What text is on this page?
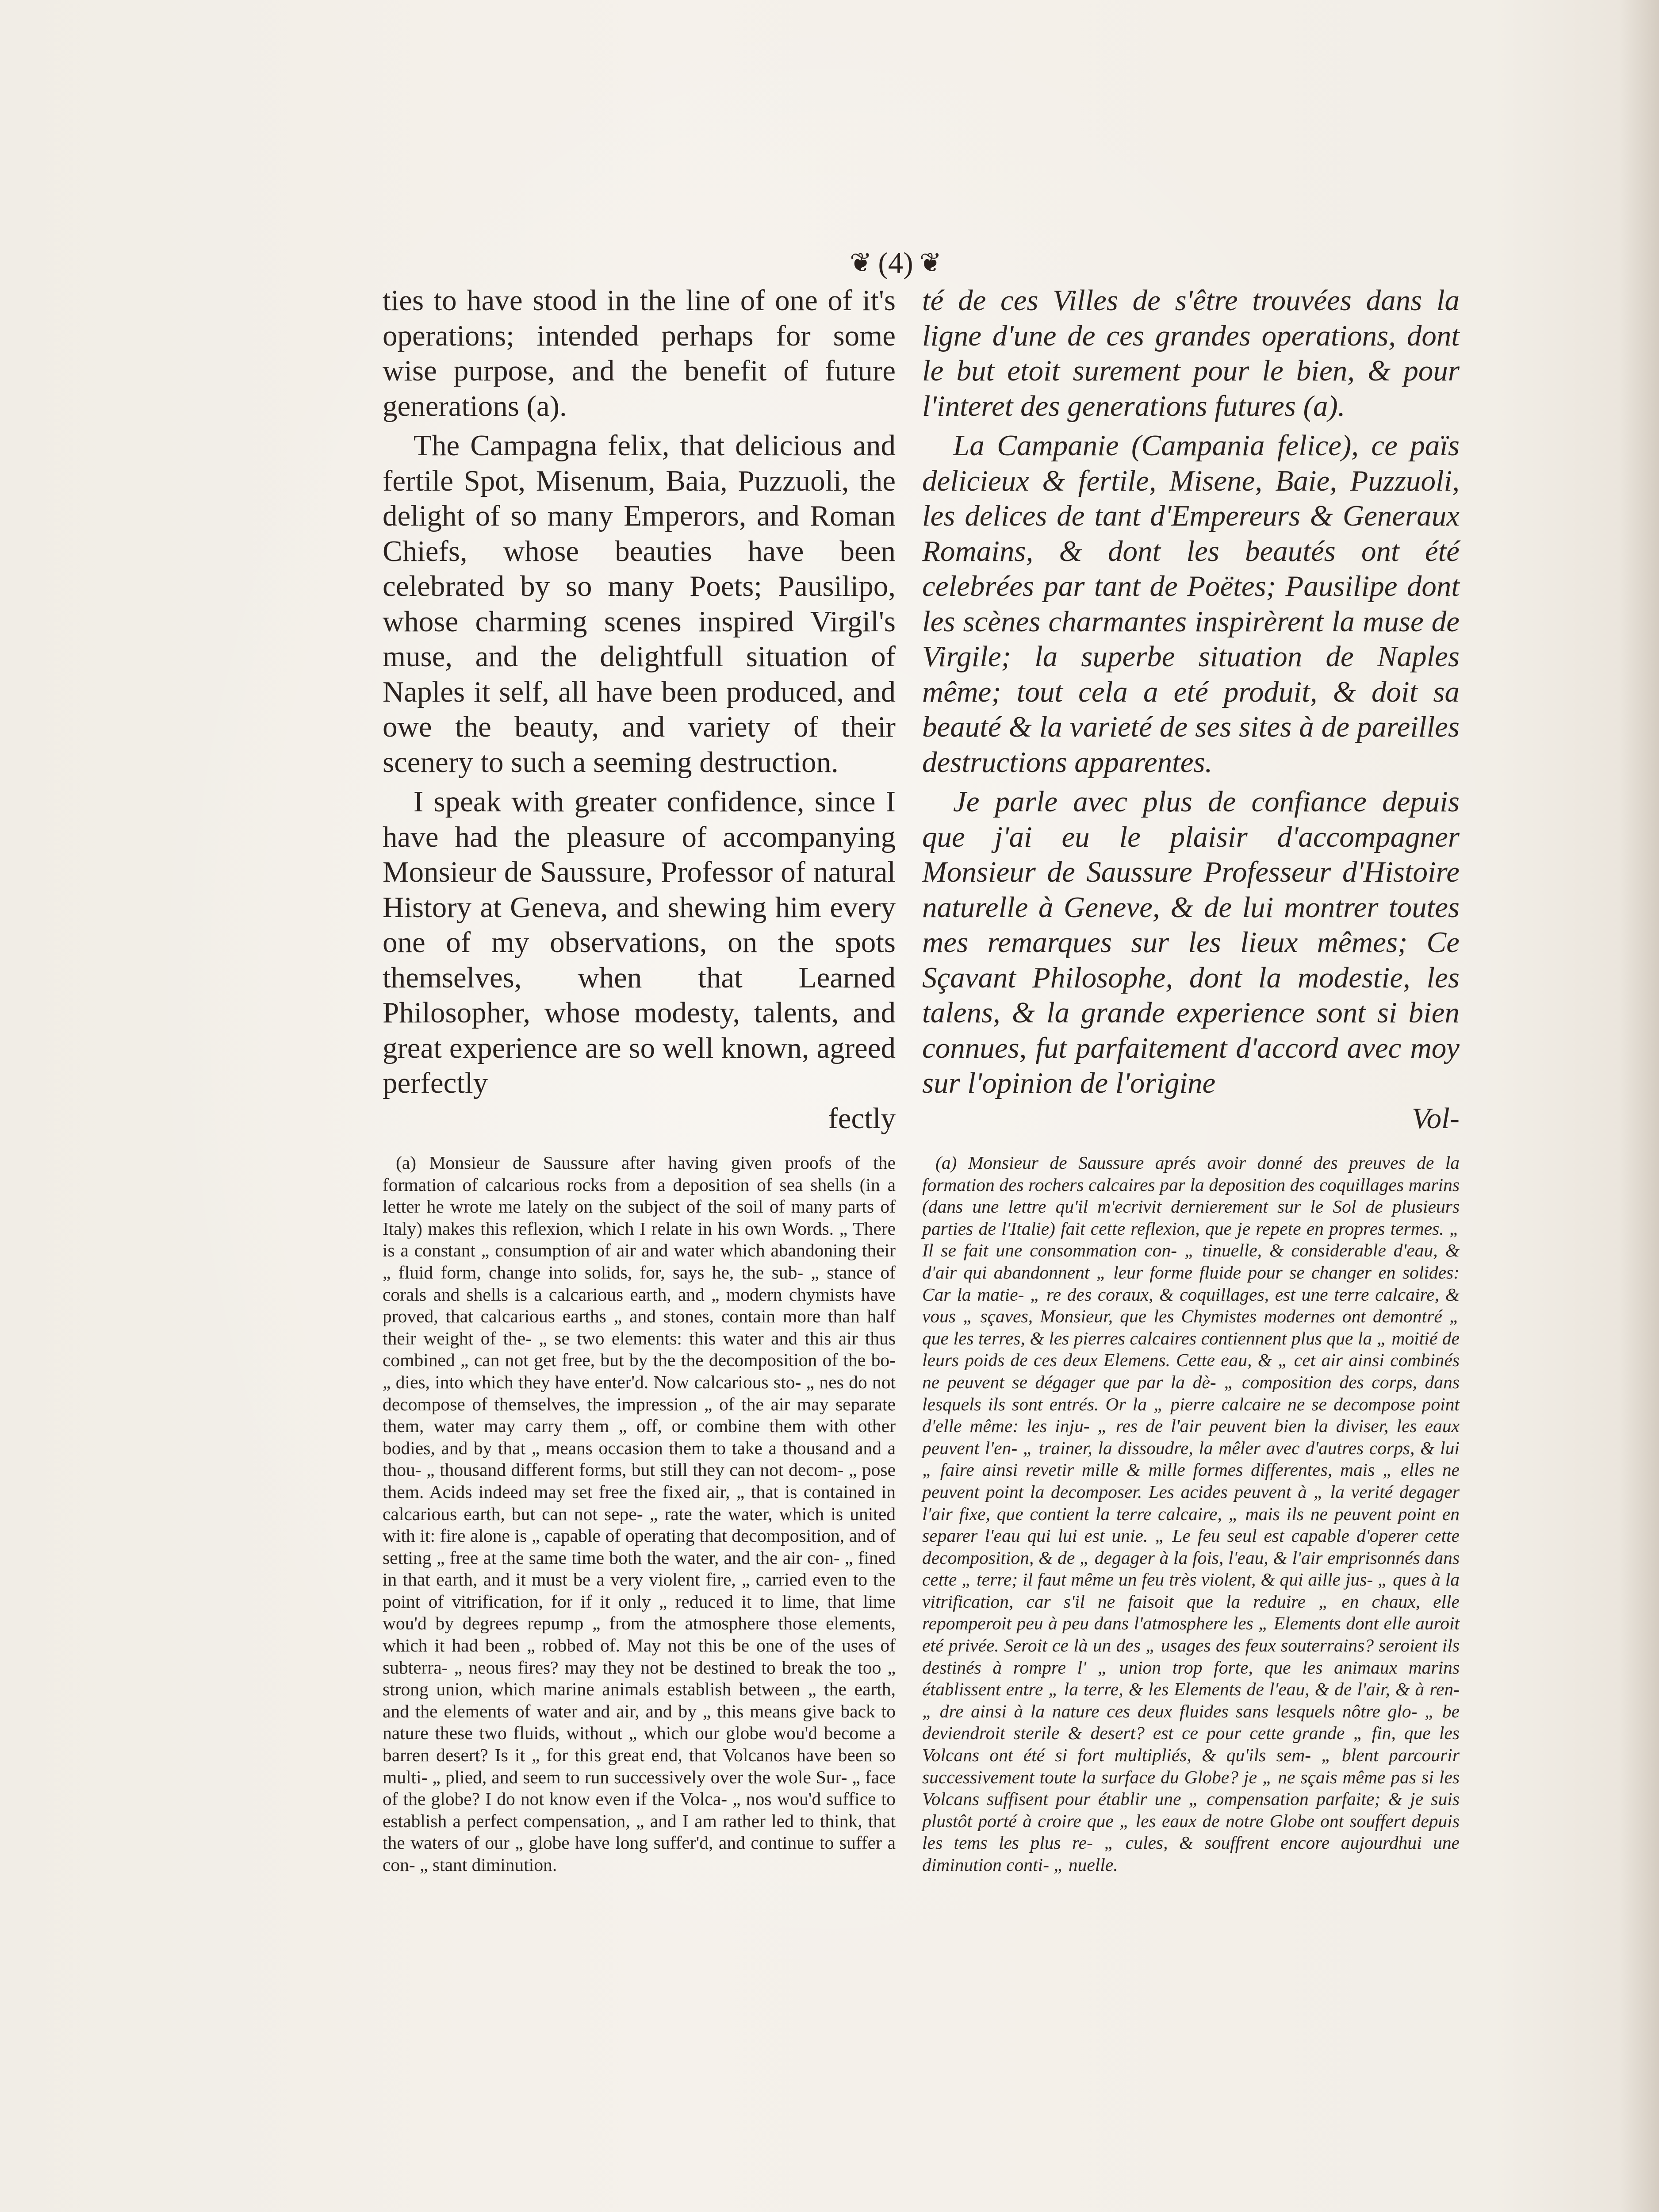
❦ (4) ❦

ties to have stood in the line of one of it's operations; intended perhaps for some wise purpose, and the benefit of future generations (a).

The Campagna felix, that delicious and fertile Spot, Misenum, Baia, Puzzuoli, the delight of so many Emperors, and Roman Chiefs, whose beauties have been celebrated by so many Poets; Pausilipo, whose charming scenes inspired Virgil's muse, and the delightfull situation of Naples it self, all have been produced, and owe the beauty, and variety of their scenery to such a seeming destruction.

I speak with greater confidence, since I have had the pleasure of accompanying Monsieur de Saussure, Professor of natural History at Geneva, and shewing him every one of my observations, on the spots themselves, when that Learned Philosopher, whose modesty, talents, and great experience are so well known, agreed perfectly

fectly

(a) Monsieur de Saussure after having given proofs of the formation of calcarious rocks from a deposition of sea shells (in a letter he wrote me lately on the subject of the soil of many parts of Italy) makes this reflexion, which I relate in his own Words. „ There is a constant „ consumption of air and water which abandoning their „ fluid form, change into solids, for, says he, the sub- „ stance of corals and shells is a calcarious earth, and „ modern chymists have proved, that calcarious earths „ and stones, contain more than half their weight of the- „ se two elements: this water and this air thus combined „ can not get free, but by the the decomposition of the bo- „ dies, into which they have enter'd. Now calcarious sto- „ nes do not decompose of themselves, the impression „ of the air may separate them, water may carry them „ off, or combine them with other bodies, and by that „ means occasion them to take a thousand and a thou- „ thousand different forms, but still they can not decom- „ pose them. Acids indeed may set free the fixed air, „ that is contained in calcarious earth, but can not sepe- „ rate the water, which is united with it: fire alone is „ capable of operating that decomposition, and of setting „ free at the same time both the water, and the air con- „ fined in that earth, and it must be a very violent fire, „ carried even to the point of vitrification, for if it only „ reduced it to lime, that lime wou'd by degrees repump „ from the atmosphere those elements, which it had been „ robbed of. May not this be one of the uses of subterra- „ neous fires? may they not be destined to break the too „ strong union, which marine animals establish between „ the earth, and the elements of water and air, and by „ this means give back to nature these two fluids, without „ which our globe wou'd become a barren desert? Is it „ for this great end, that Volcanos have been so multi- „ plied, and seem to run successively over the wole Sur- „ face of the globe? I do not know even if the Volca- „ nos wou'd suffice to establish a perfect compensation, „ and I am rather led to think, that the waters of our „ globe have long suffer'd, and continue to suffer a con- „ stant diminution.

té de ces Villes de s'être trouvées dans la ligne d'une de ces grandes operations, dont le but etoit surement pour le bien, & pour l'interet des generations futures (a).

La Campanie (Campania felice), ce païs delicieux & fertile, Misene, Baie, Puzzuoli, les delices de tant d'Empereurs & Generaux Romains, & dont les beautés ont été celebrées par tant de Poëtes; Pausilipe dont les scènes charmantes inspirèrent la muse de Virgile; la superbe situation de Naples même; tout cela a eté produit, & doit sa beauté & la varieté de ses sites à de pareilles destructions apparentes.

Je parle avec plus de confiance depuis que j'ai eu le plaisir d'accompagner Monsieur de Saussure Professeur d'Histoire naturelle à Geneve, & de lui montrer toutes mes remarques sur les lieux mêmes; Ce Sçavant Philosophe, dont la modestie, les talens, & la grande experience sont si bien connues, fut parfaitement d'accord avec moy sur l'opinion de l'origine

Vol-

(a) Monsieur de Saussure aprés avoir donné des preuves de la formation des rochers calcaires par la deposition des coquillages marins (dans une lettre qu'il m'ecrivit dernierement sur le Sol de plusieurs parties de l'Italie) fait cette reflexion, que je repete en propres termes. „ Il se fait une consommation con- „ tinuelle, & considerable d'eau, & d'air qui abandonnent „ leur forme fluide pour se changer en solides: Car la matie- „ re des coraux, & coquillages, est une terre calcaire, & vous „ sçaves, Monsieur, que les Chymistes modernes ont demontré „ que les terres, & les pierres calcaires contiennent plus que la „ moitié de leurs poids de ces deux Elemens. Cette eau, & „ cet air ainsi combinés ne peuvent se dégager que par la dè- „ composition des corps, dans lesquels ils sont entrés. Or la „ pierre calcaire ne se decompose point d'elle même: les inju- „ res de l'air peuvent bien la diviser, les eaux peuvent l'en- „ trainer, la dissoudre, la mêler avec d'autres corps, & lui „ faire ainsi revetir mille & mille formes differentes, mais „ elles ne peuvent point la decomposer. Les acides peuvent à „ la verité degager l'air fixe, que contient la terre calcaire, „ mais ils ne peuvent point en separer l'eau qui lui est unie. „ Le feu seul est capable d'operer cette decomposition, & de „ degager à la fois, l'eau, & l'air emprisonnés dans cette „ terre; il faut même un feu très violent, & qui aille jus- „ ques à la vitrification, car s'il ne faisoit que la reduire „ en chaux, elle repomperoit peu à peu dans l'atmosphere les „ Elements dont elle auroit eté privée. Seroit ce là un des „ usages des feux souterrains? seroient ils destinés à rompre l' „ union trop forte, que les animaux marins établissent entre „ la terre, & les Elements de l'eau, & de l'air, & à ren- „ dre ainsi à la nature ces deux fluides sans lesquels nôtre glo- „ be deviendroit sterile & desert? est ce pour cette grande „ fin, que les Volcans ont été si fort multipliés, & qu'ils sem- „ blent parcourir successivement toute la surface du Globe? je „ ne sçais même pas si les Volcans suffisent pour établir une „ compensation parfaite; & je suis plustôt porté à croire que „ les eaux de notre Globe ont souffert depuis les tems les plus re- „ cules, & souffrent encore aujourdhui une diminution conti- „ nuelle.
